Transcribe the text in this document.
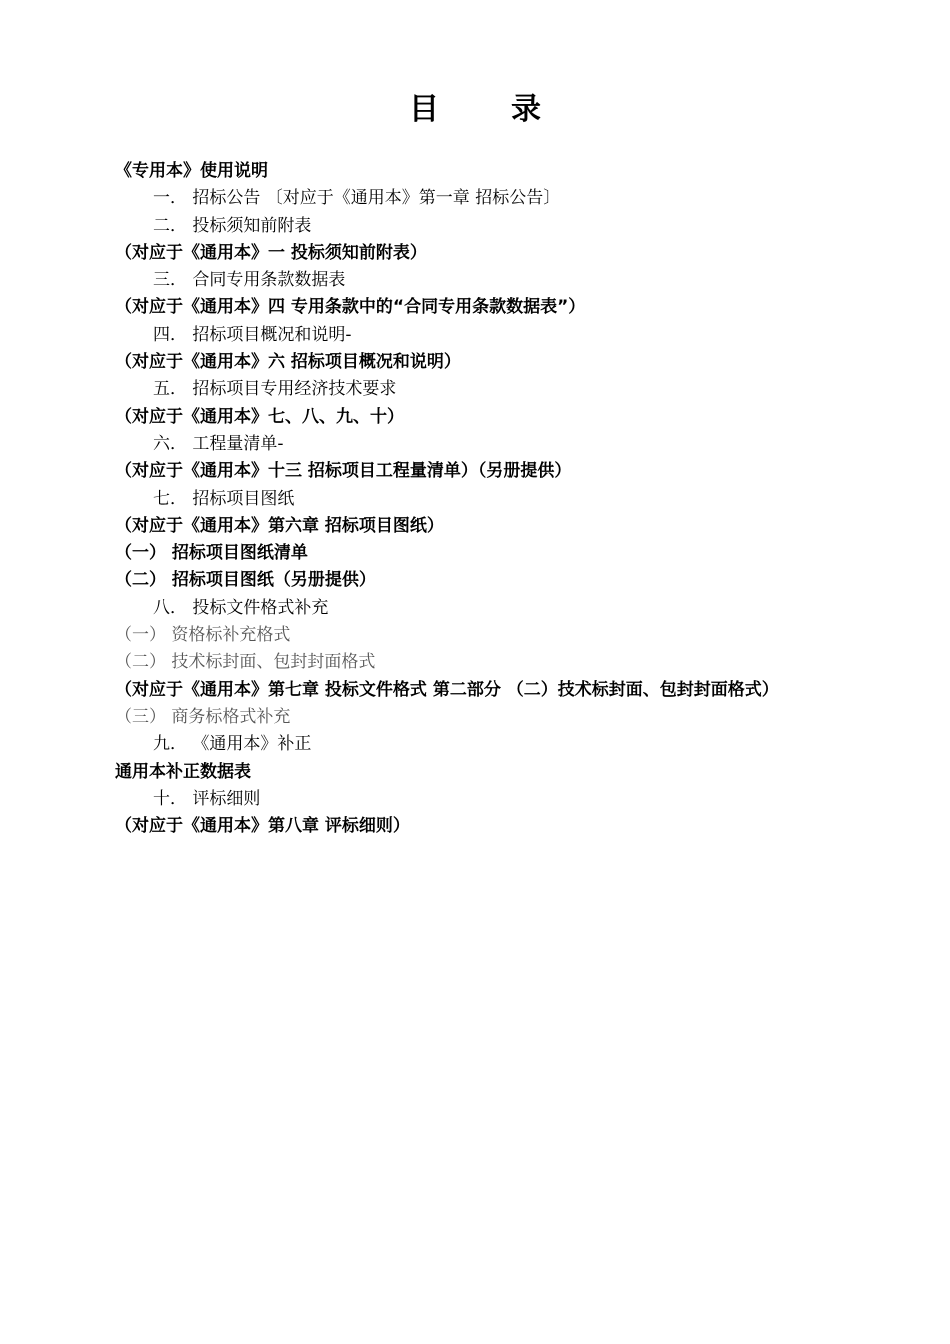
目 录
《专用本》使用说明
一． 招标公告 〔对应于《通用本》第一章 招标公告〕
二． 投标须知前附表
（对应于《通用本》一 投标须知前附表）
三． 合同专用条款数据表
（对应于《通用本》四 专用条款中的“合同专用条款数据表”）
四． 招标项目概况和说明-
（对应于《通用本》六 招标项目概况和说明）
五． 招标项目专用经济技术要求
（对应于《通用本》七、八、九、十）
六． 工程量清单-
（对应于《通用本》十三 招标项目工程量清单）（另册提供）
七． 招标项目图纸
（对应于《通用本》第六章 招标项目图纸）
（一） 招标项目图纸清单
（二） 招标项目图纸（另册提供）
八． 投标文件格式补充
（一） 资格标补充格式
（二） 技术标封面、包封封面格式
（对应于《通用本》第七章 投标文件格式 第二部分 （二）技术标封面、包封封面格式）
（三） 商务标格式补充
九． 《通用本》补正
通用本补正数据表
十． 评标细则
（对应于《通用本》第八章 评标细则）
